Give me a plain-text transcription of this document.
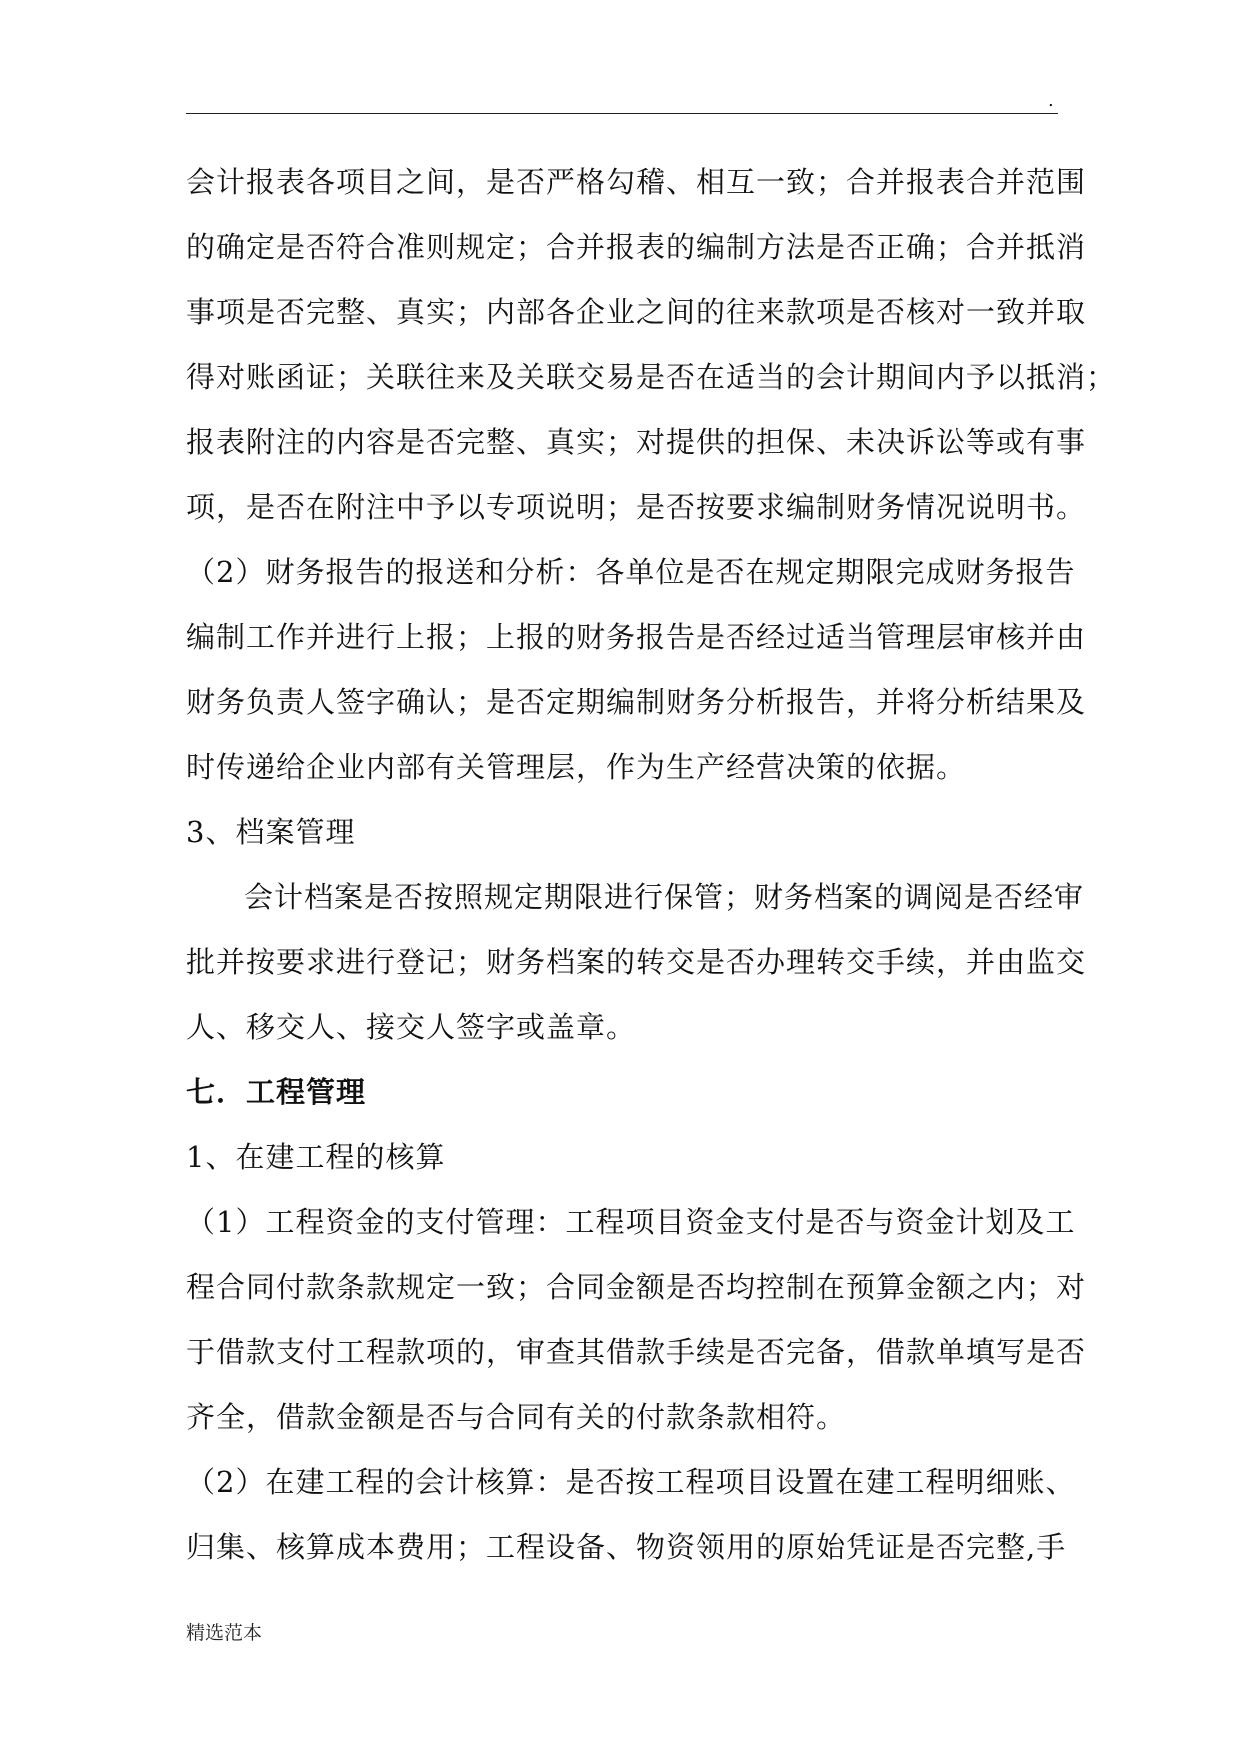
.
会计报表各项目之间，是否严格勾稽、相互一致；合并报表合并范围
的确定是否符合准则规定；合并报表的编制方法是否正确；合并抵消
事项是否完整、真实；内部各企业之间的往来款项是否核对一致并取
得对账函证；关联往来及关联交易是否在适当的会计期间内予以抵消；
报表附注的内容是否完整、真实；对提供的担保、未决诉讼等或有事
项，是否在附注中予以专项说明；是否按要求编制财务情况说明书。
（2）财务报告的报送和分析：各单位是否在规定期限完成财务报告
编制工作并进行上报；上报的财务报告是否经过适当管理层审核并由
财务负责人签字确认；是否定期编制财务分析报告，并将分析结果及
时传递给企业内部有关管理层，作为生产经营决策的依据。
3、档案管理
会计档案是否按照规定期限进行保管；财务档案的调阅是否经审
批并按要求进行登记；财务档案的转交是否办理转交手续，并由监交
人、移交人、接交人签字或盖章。
七．工程管理
1、在建工程的核算
（1）工程资金的支付管理：工程项目资金支付是否与资金计划及工
程合同付款条款规定一致；合同金额是否均控制在预算金额之内；对
于借款支付工程款项的，审查其借款手续是否完备，借款单填写是否
齐全，借款金额是否与合同有关的付款条款相符。
（2）在建工程的会计核算：是否按工程项目设置在建工程明细账、
归集、核算成本费用；工程设备、物资领用的原始凭证是否完整,手
精选范本
